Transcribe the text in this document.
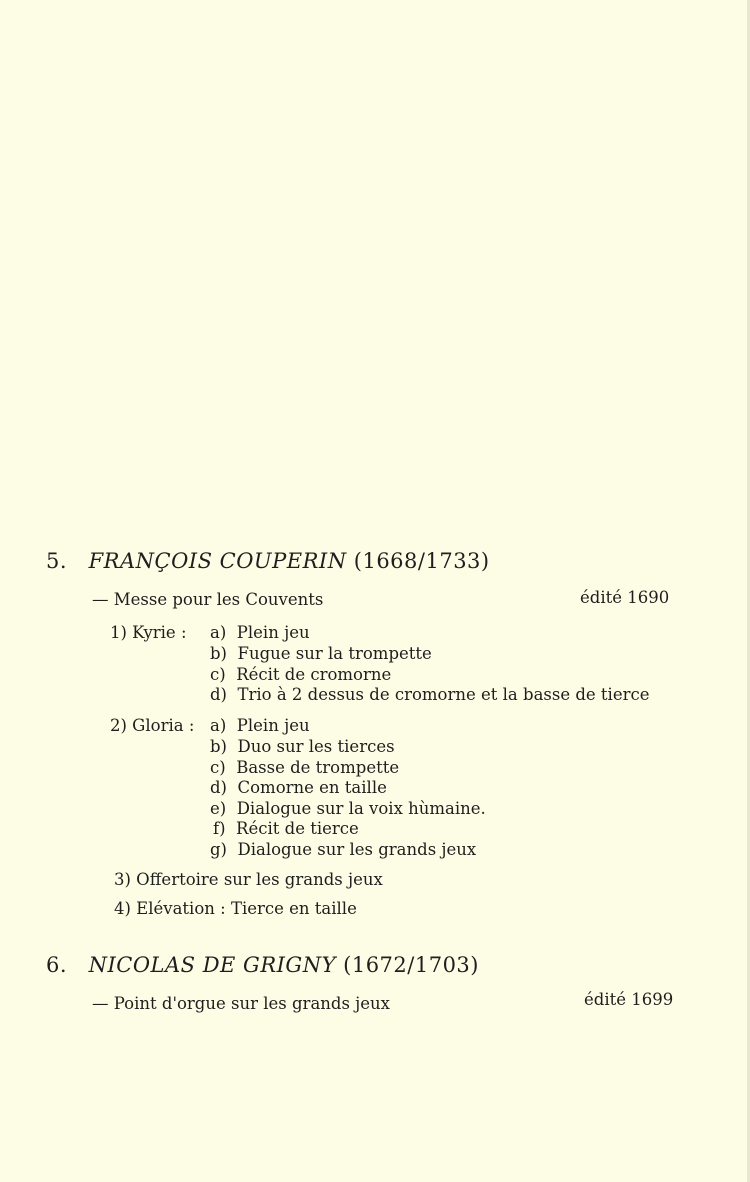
5. FRANÇOIS COUPERIN (1668/1733)
— Messe pour les Couvents	édité 1690
1) Kyrie : a) Plein jeu
b) Fugue sur la trompette
c) Récit de cromorne
d) Trio à 2 dessus de cromorne et la basse de tierce
2) Gloria : a) Plein jeu
b) Duo sur les tierces
c) Basse de trompette
d) Comorne en taille
e) Dialogue sur la voix hùmaine.
f) Récit de tierce
g) Dialogue sur les grands jeux
3) Offertoire sur les grands jeux
4) Elévation : Tierce en taille
6. NICOLAS DE GRIGNY (1672/1703)
— Point d'orgue sur les grands jeux	édité 1699
